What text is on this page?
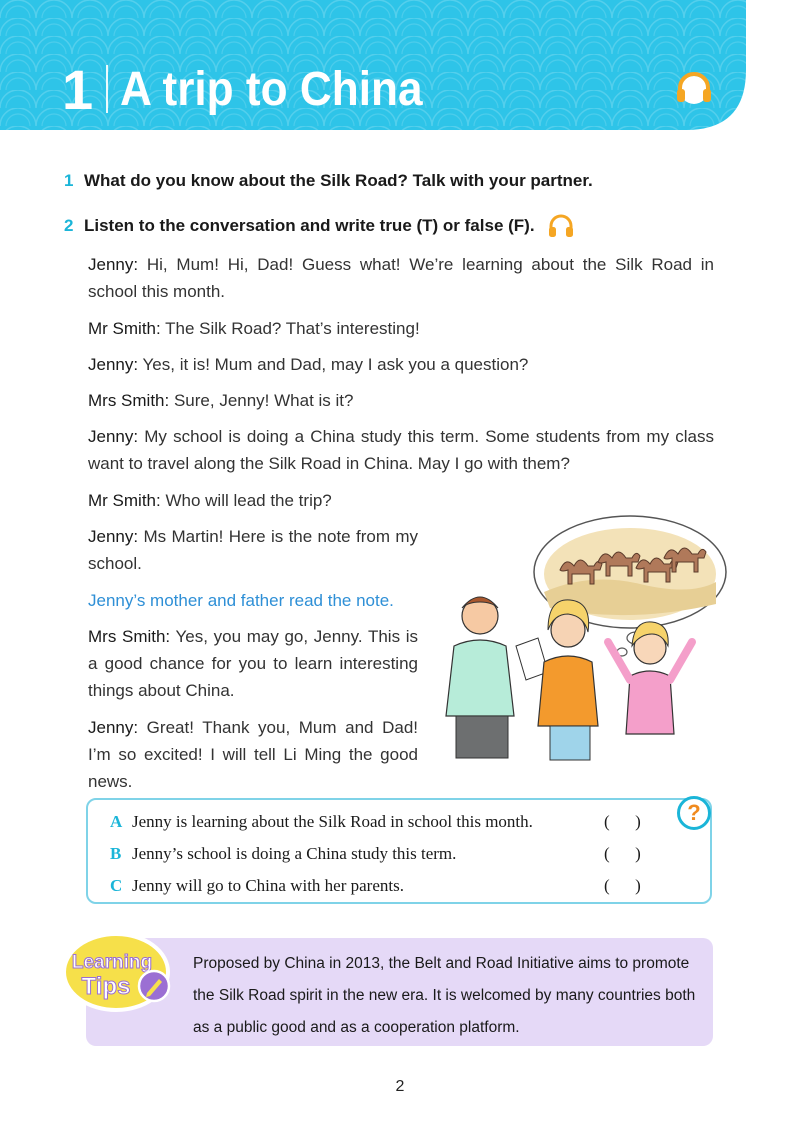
1 A trip to China
1 What do you know about the Silk Road? Talk with your partner.
2 Listen to the conversation and write true (T) or false (F).
Jenny: Hi, Mum! Hi, Dad! Guess what! We’re learning about the Silk Road in school this month.
Mr Smith: The Silk Road? That’s interesting!
Jenny: Yes, it is! Mum and Dad, may I ask you a question?
Mrs Smith: Sure, Jenny! What is it?
Jenny: My school is doing a China study this term. Some students from my class want to travel along the Silk Road in China. May I go with them?
Mr Smith: Who will lead the trip?
Jenny: Ms Martin! Here is the note from my school.
Jenny’s mother and father read the note.
Mrs Smith: Yes, you may go, Jenny. This is a good chance for you to learn interesting things about China.
Jenny: Great! Thank you, Mum and Dad! I’m so excited! I will tell Li Ming the good news.
A Jenny is learning about the Silk Road in school this month.	(      )
B Jenny’s school is doing a China study this term.	(      )
C Jenny will go to China with her parents.	(      )
?
Proposed by China in 2013, the Belt and Road Initiative aims to promote the Silk Road spirit in the new era. It is welcomed by many countries both as a public good and as a cooperation platform.
Learning
Tips
2
